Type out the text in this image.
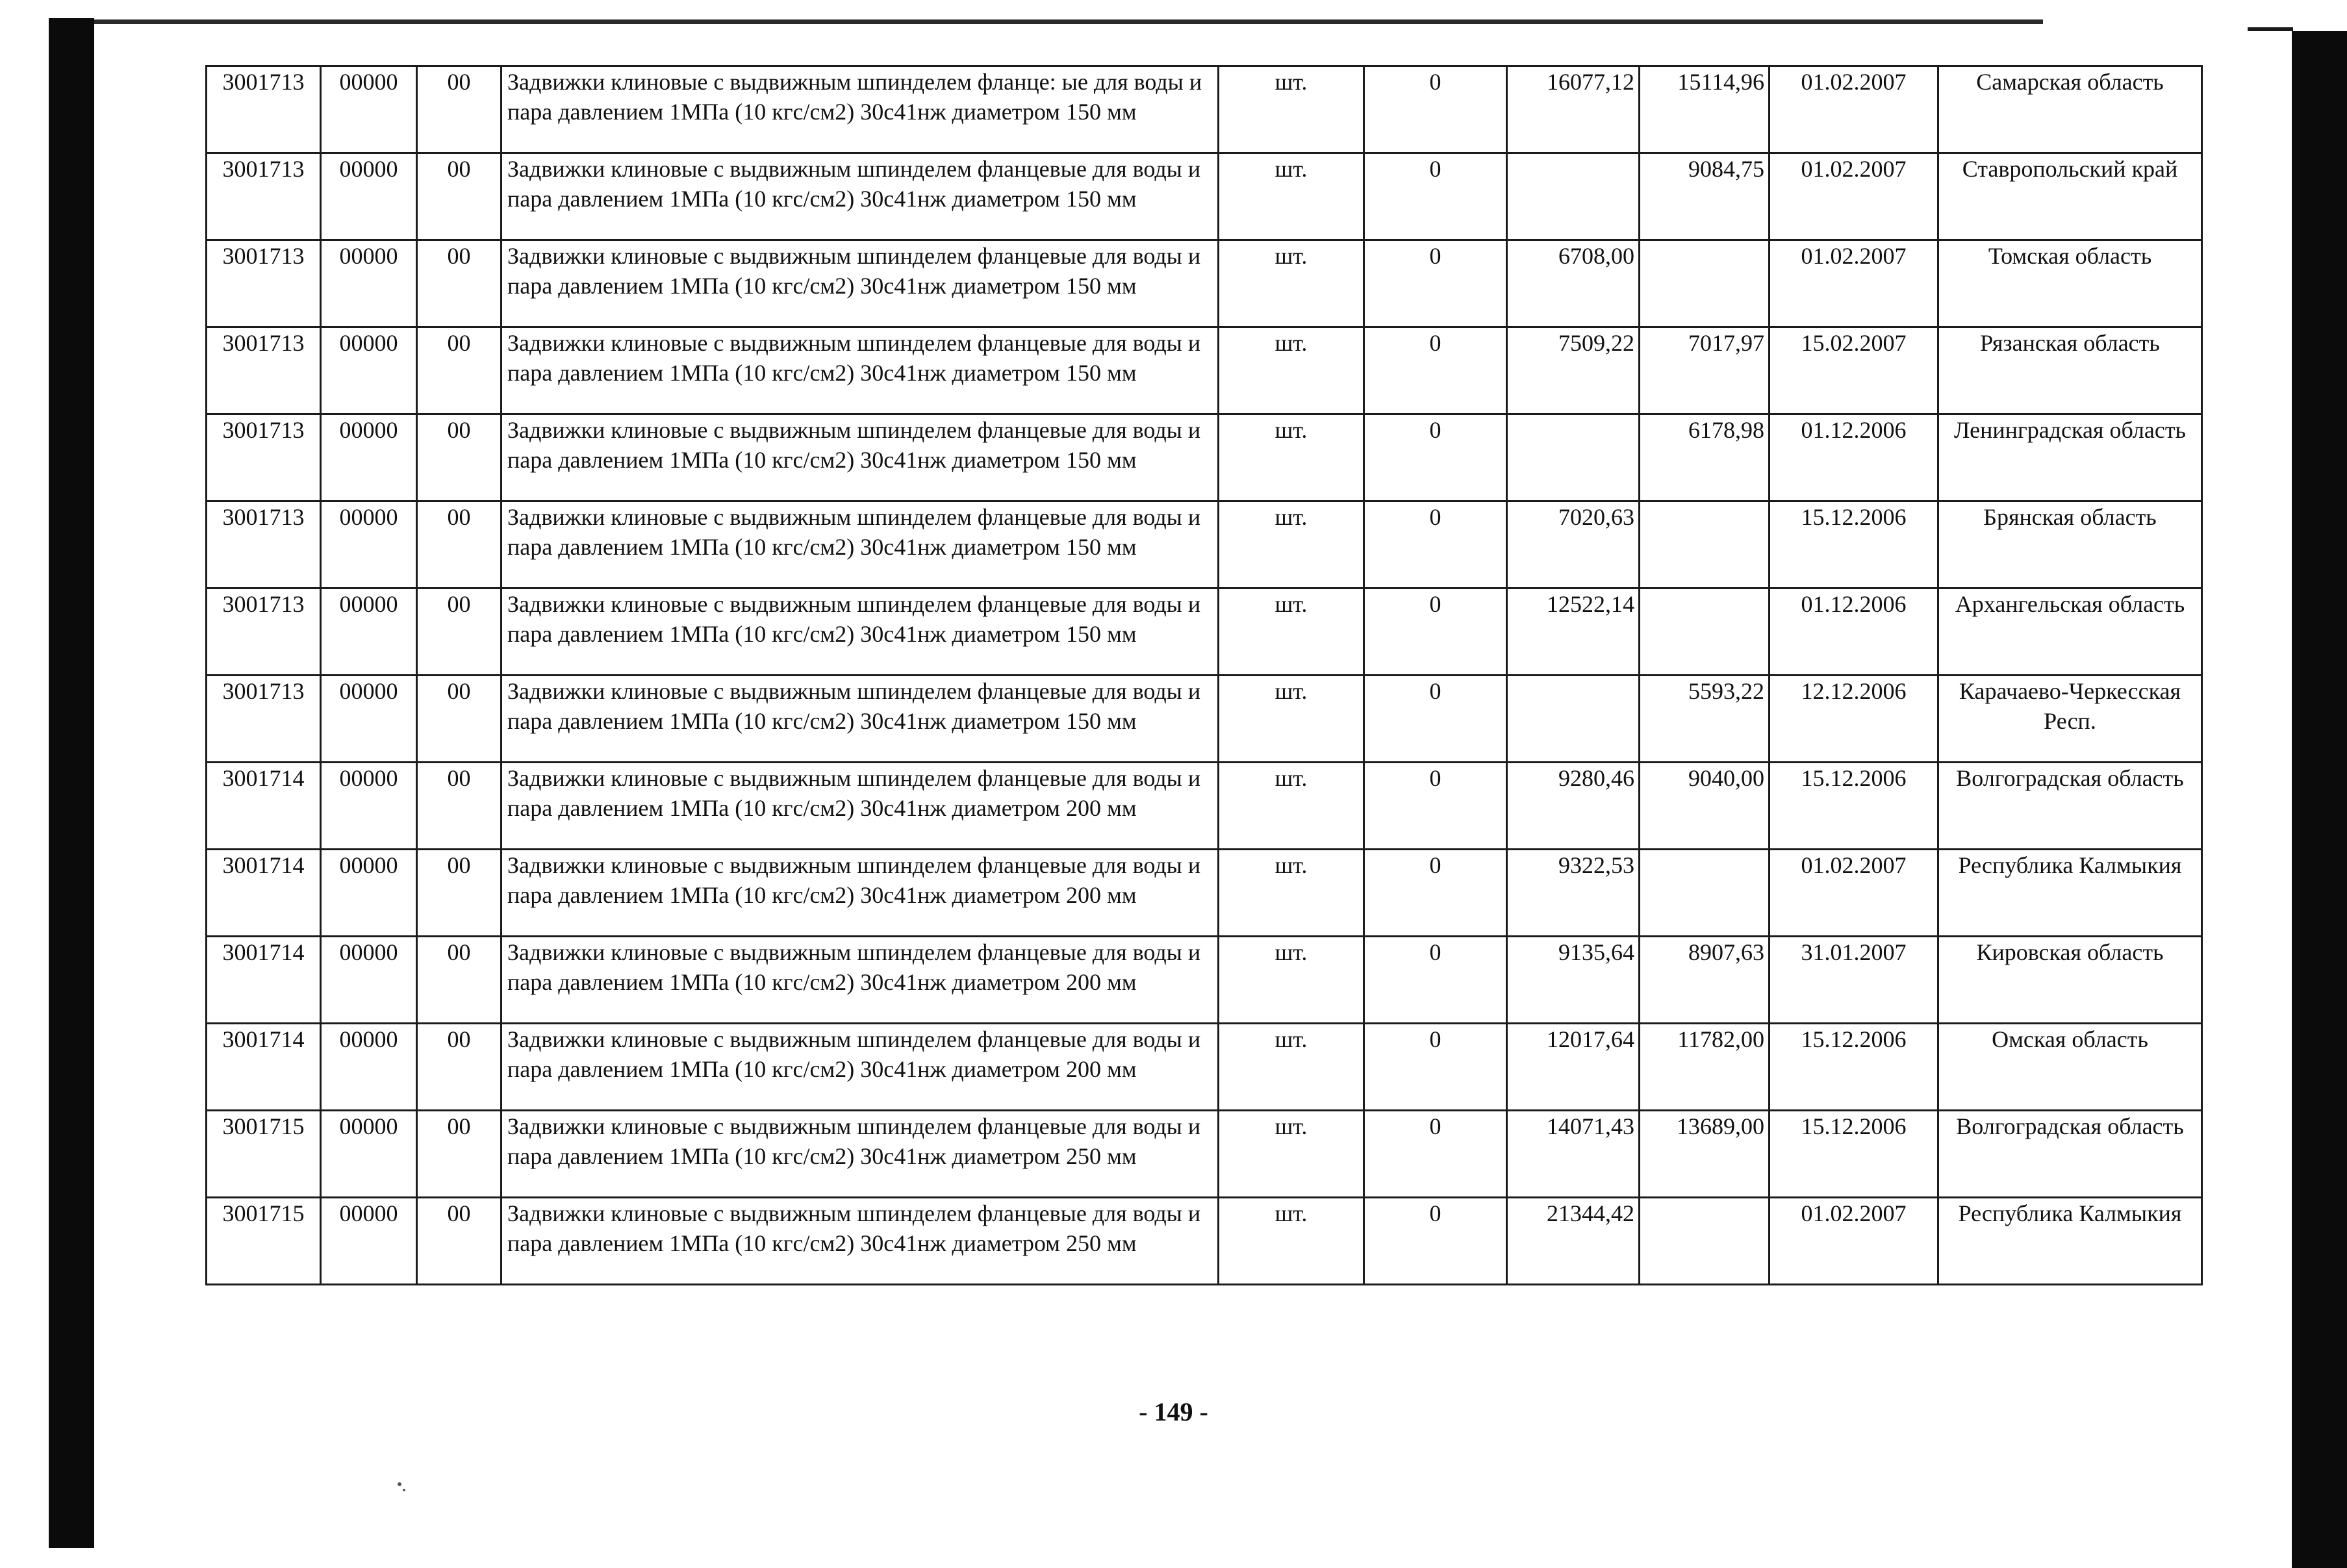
3001713	00000	00	Задвижки клиновые с выдвижным шпинделем фланце: ые для воды и пара давлением 1МПа (10 кгс/см2) 30с41нж диаметром 150 мм	шт.	0	16077,12	15114,96	01.02.2007	Самарская область
3001713	00000	00	Задвижки клиновые с выдвижным шпинделем фланцевые для воды и пара давлением 1МПа (10 кгс/см2) 30с41нж диаметром 150 мм	шт.	0		9084,75	01.02.2007	Ставропольский край
3001713	00000	00	Задвижки клиновые с выдвижным шпинделем фланцевые для воды и пара давлением 1МПа (10 кгс/см2) 30с41нж диаметром 150 мм	шт.	0	6708,00		01.02.2007	Томская область
3001713	00000	00	Задвижки клиновые с выдвижным шпинделем фланцевые для воды и пара давлением 1МПа (10 кгс/см2) 30с41нж диаметром 150 мм	шт.	0	7509,22	7017,97	15.02.2007	Рязанская область
3001713	00000	00	Задвижки клиновые с выдвижным шпинделем фланцевые для воды и пара давлением 1МПа (10 кгс/см2) 30с41нж диаметром 150 мм	шт.	0		6178,98	01.12.2006	Ленинградская область
3001713	00000	00	Задвижки клиновые с выдвижным шпинделем фланцевые для воды и пара давлением 1МПа (10 кгс/см2) 30с41нж диаметром 150 мм	шт.	0	7020,63		15.12.2006	Брянская область
3001713	00000	00	Задвижки клиновые с выдвижным шпинделем фланцевые для воды и пара давлением 1МПа (10 кгс/см2) 30с41нж диаметром 150 мм	шт.	0	12522,14		01.12.2006	Архангельская область
3001713	00000	00	Задвижки клиновые с выдвижным шпинделем фланцевые для воды и пара давлением 1МПа (10 кгс/см2) 30с41нж диаметром 150 мм	шт.	0		5593,22	12.12.2006	Карачаево-Черкесская Респ.
3001714	00000	00	Задвижки клиновые с выдвижным шпинделем фланцевые для воды и пара давлением 1МПа (10 кгс/см2) 30с41нж диаметром 200 мм	шт.	0	9280,46	9040,00	15.12.2006	Волгоградская область
3001714	00000	00	Задвижки клиновые с выдвижным шпинделем фланцевые для воды и пара давлением 1МПа (10 кгс/см2) 30с41нж диаметром 200 мм	шт.	0	9322,53		01.02.2007	Республика Калмыкия
3001714	00000	00	Задвижки клиновые с выдвижным шпинделем фланцевые для воды и пара давлением 1МПа (10 кгс/см2) 30с41нж диаметром 200 мм	шт.	0	9135,64	8907,63	31.01.2007	Кировская область
3001714	00000	00	Задвижки клиновые с выдвижным шпинделем фланцевые для воды и пара давлением 1МПа (10 кгс/см2) 30с41нж диаметром 200 мм	шт.	0	12017,64	11782,00	15.12.2006	Омская область
3001715	00000	00	Задвижки клиновые с выдвижным шпинделем фланцевые для воды и пара давлением 1МПа (10 кгс/см2) 30с41нж диаметром 250 мм	шт.	0	14071,43	13689,00	15.12.2006	Волгоградская область
3001715	00000	00	Задвижки клиновые с выдвижным шпинделем фланцевые для воды и пара давлением 1МПа (10 кгс/см2) 30с41нж диаметром 250 мм	шт.	0	21344,42		01.02.2007	Республика Калмыкия
- 149 -
